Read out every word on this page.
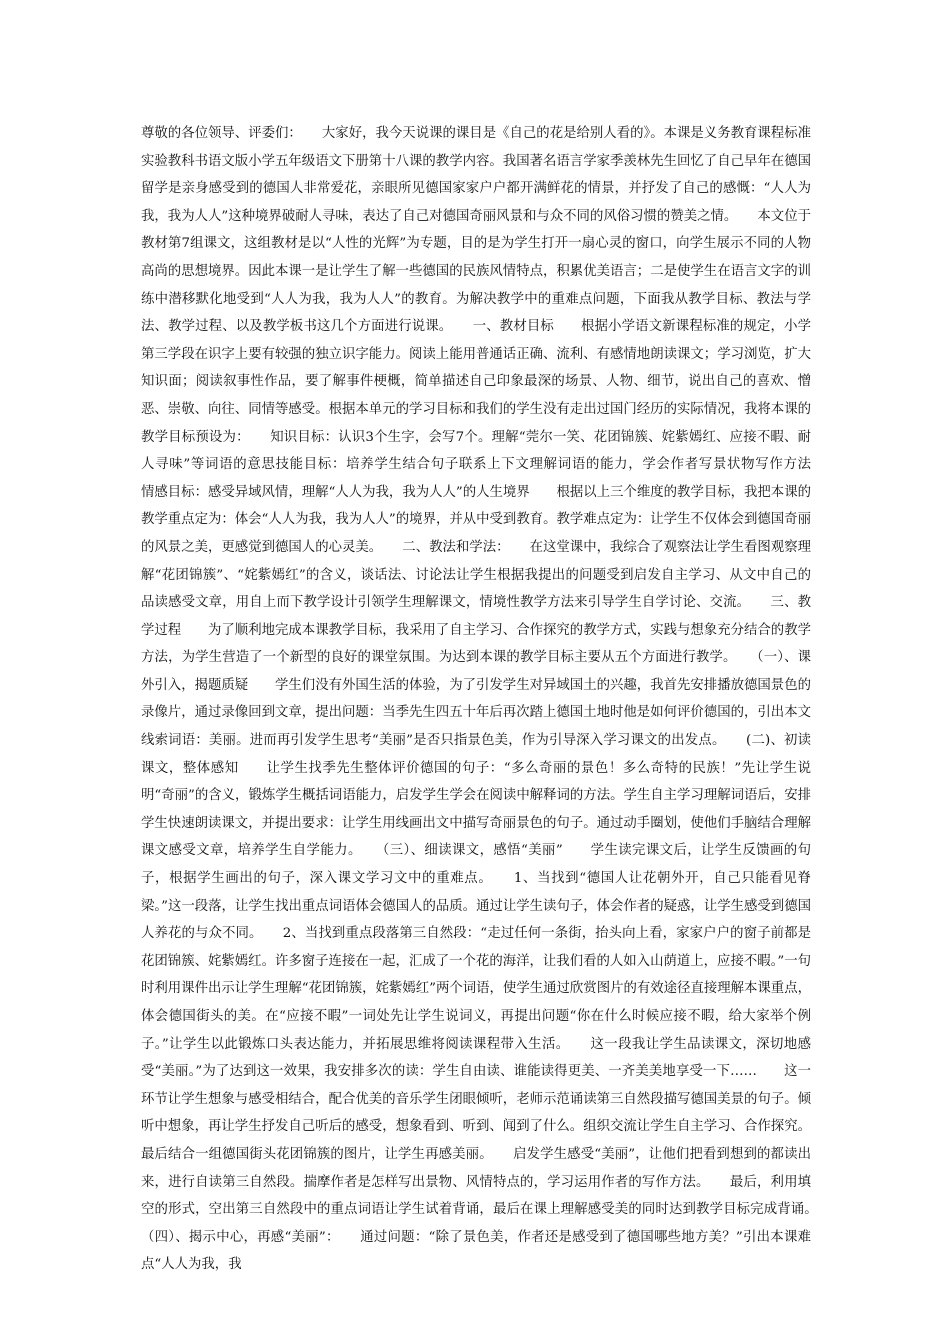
尊敬的各位领导、评委们：　　大家好，我今天说课的课目是《自己的花是给别人看的》。本课是义务教育课程标准实验教科书语文版小学五年级语文下册第十八课的教学内容。我国著名语言学家季羡林先生回忆了自己早年在德国留学是亲身感受到的德国人非常爱花，亲眼所见德国家家户户都开满鲜花的情景，并抒发了自己的感慨：“人人为我，我为人人”这种境界破耐人寻味，表达了自己对德国奇丽风景和与众不同的风俗习惯的赞美之情。　　本文位于教材第7组课文，这组教材是以“人性的光辉”为专题，目的是为学生打开一扇心灵的窗口，向学生展示不同的人物高尚的思想境界。因此本课一是让学生了解一些德国的民族风情特点，积累优美语言；二是使学生在语言文字的训练中潜移默化地受到“人人为我，我为人人”的教育。为解决教学中的重难点问题，下面我从教学目标、教法与学法、教学过程、以及教学板书这几个方面进行说课。　　一、教材目标　　根据小学语文新课程标准的规定，小学第三学段在识字上要有较强的独立识字能力。阅读上能用普通话正确、流利、有感情地朗读课文；学习浏览，扩大知识面；阅读叙事性作品，要了解事件梗概，简单描述自己印象最深的场景、人物、细节，说出自己的喜欢、憎恶、崇敬、向往、同情等感受。根据本单元的学习目标和我们的学生没有走出过国门经历的实际情况，我将本课的教学目标预设为：　　知识目标：认识3个生字，会写7个。理解“莞尔一笑、花团锦簇、姹紫嫣红、应接不暇、耐人寻味”等词语的意思技能目标：培养学生结合句子联系上下文理解词语的能力，学会作者写景状物写作方法　　情感目标：感受异域风情，理解“人人为我，我为人人”的人生境界　　根据以上三个维度的教学目标，我把本课的教学重点定为：体会“人人为我，我为人人”的境界，并从中受到教育。教学难点定为：让学生不仅体会到德国奇丽的风景之美，更感觉到德国人的心灵美。　　二、教法和学法：　　在这堂课中，我综合了观察法让学生看图观察理解“花团锦簇”、“姹紫嫣红”的含义，谈话法、讨论法让学生根据我提出的问题受到启发自主学习、从文中自己的品读感受文章，用自上而下教学设计引领学生理解课文，情境性教学方法来引导学生自学讨论、交流。　　三、教学过程　　为了顺利地完成本课教学目标，我采用了自主学习、合作探究的教学方式，实践与想象充分结合的教学方法，为学生营造了一个新型的良好的课堂氛围。为达到本课的教学目标主要从五个方面进行教学。　　（一）、课外引入，揭题质疑　　学生们没有外国生活的体验，为了引发学生对异域国土的兴趣，我首先安排播放德国景色的录像片，通过录像回到文章，提出问题：当季先生四五十年后再次踏上德国土地时他是如何评价德国的，引出本文线索词语：美丽。进而再引发学生思考“美丽”是否只指景色美，作为引导深入学习课文的出发点。　　(二)、初读课文，整体感知　　让学生找季先生整体评价德国的句子：“多么奇丽的景色！多么奇特的民族！”先让学生说明“奇丽”的含义，锻炼学生概括词语能力，启发学生学会在阅读中解释词的方法。学生自主学习理解词语后，安排学生快速朗读课文，并提出要求：让学生用线画出文中描写奇丽景色的句子。通过动手圈划，使他们手脑结合理解课文感受文章，培养学生自学能力。　　（三）、细读课文，感悟“美丽”　　学生读完课文后，让学生反馈画的句子，根据学生画出的句子，深入课文学习文中的重难点。　　1、当找到“德国人让花朝外开，自己只能看见脊梁。”这一段落，让学生找出重点词语体会德国人的品质。通过让学生读句子，体会作者的疑惑，让学生感受到德国人养花的与众不同。　　2、当找到重点段落第三自然段：“走过任何一条街，抬头向上看，家家户户的窗子前都是花团锦簇、姹紫嫣红。许多窗子连接在一起，汇成了一个花的海洋，让我们看的人如入山荫道上，应接不暇。”一句时利用课件出示让学生理解“花团锦簇，姹紫嫣红”两个词语，使学生通过欣赏图片的有效途径直接理解本课重点，体会德国街头的美。在“应接不暇”一词处先让学生说词义，再提出问题“你在什么时候应接不暇，给大家举个例子。”让学生以此锻炼口头表达能力，并拓展思维将阅读课程带入生活。　　这一段我让学生品读课文，深切地感受“美丽。”为了达到这一效果，我安排多次的读：学生自由读、谁能读得更美、一齐美美地享受一下……　　这一环节让学生想象与感受相结合，配合优美的音乐学生闭眼倾听，老师示范诵读第三自然段描写德国美景的句子。倾听中想象，再让学生抒发自己听后的感受，想象看到、听到、闻到了什么。组织交流让学生自主学习、合作探究。最后结合一组德国街头花团锦簇的图片，让学生再感美丽。　　启发学生感受“美丽”，让他们把看到想到的都读出来，进行自读第三自然段。揣摩作者是怎样写出景物、风情特点的，学习运用作者的写作方法。　　最后，利用填空的形式，空出第三自然段中的重点词语让学生试着背诵，最后在课上理解感受美的同时达到教学目标完成背诵。　　（四）、揭示中心，再感“美丽”：　　通过问题：“除了景色美，作者还是感受到了德国哪些地方美？”引出本课难点“人人为我，我
